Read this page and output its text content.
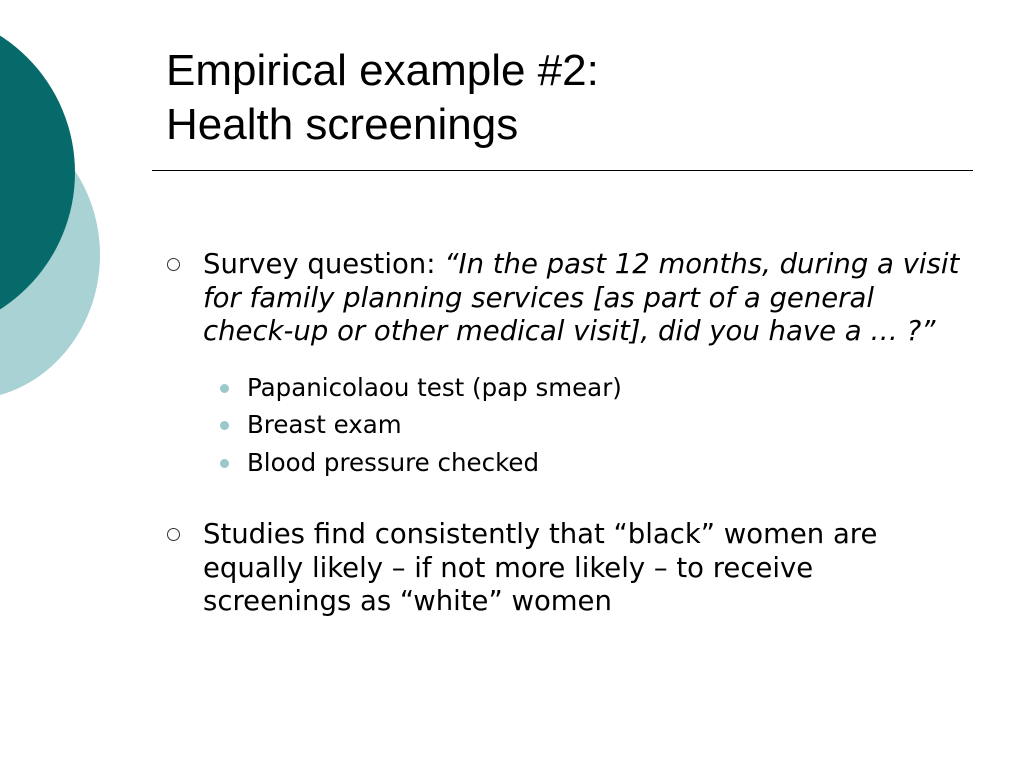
Empirical example #2:
Health screenings
Survey question: “In the past 12 months, during a visit for family planning services [as part of a general check-up or other medical visit], did you have a … ?”
Papanicolaou test (pap smear)
Breast exam
Blood pressure checked
Studies find consistently that “black” women are equally likely – if not more likely – to receive screenings as “white” women
